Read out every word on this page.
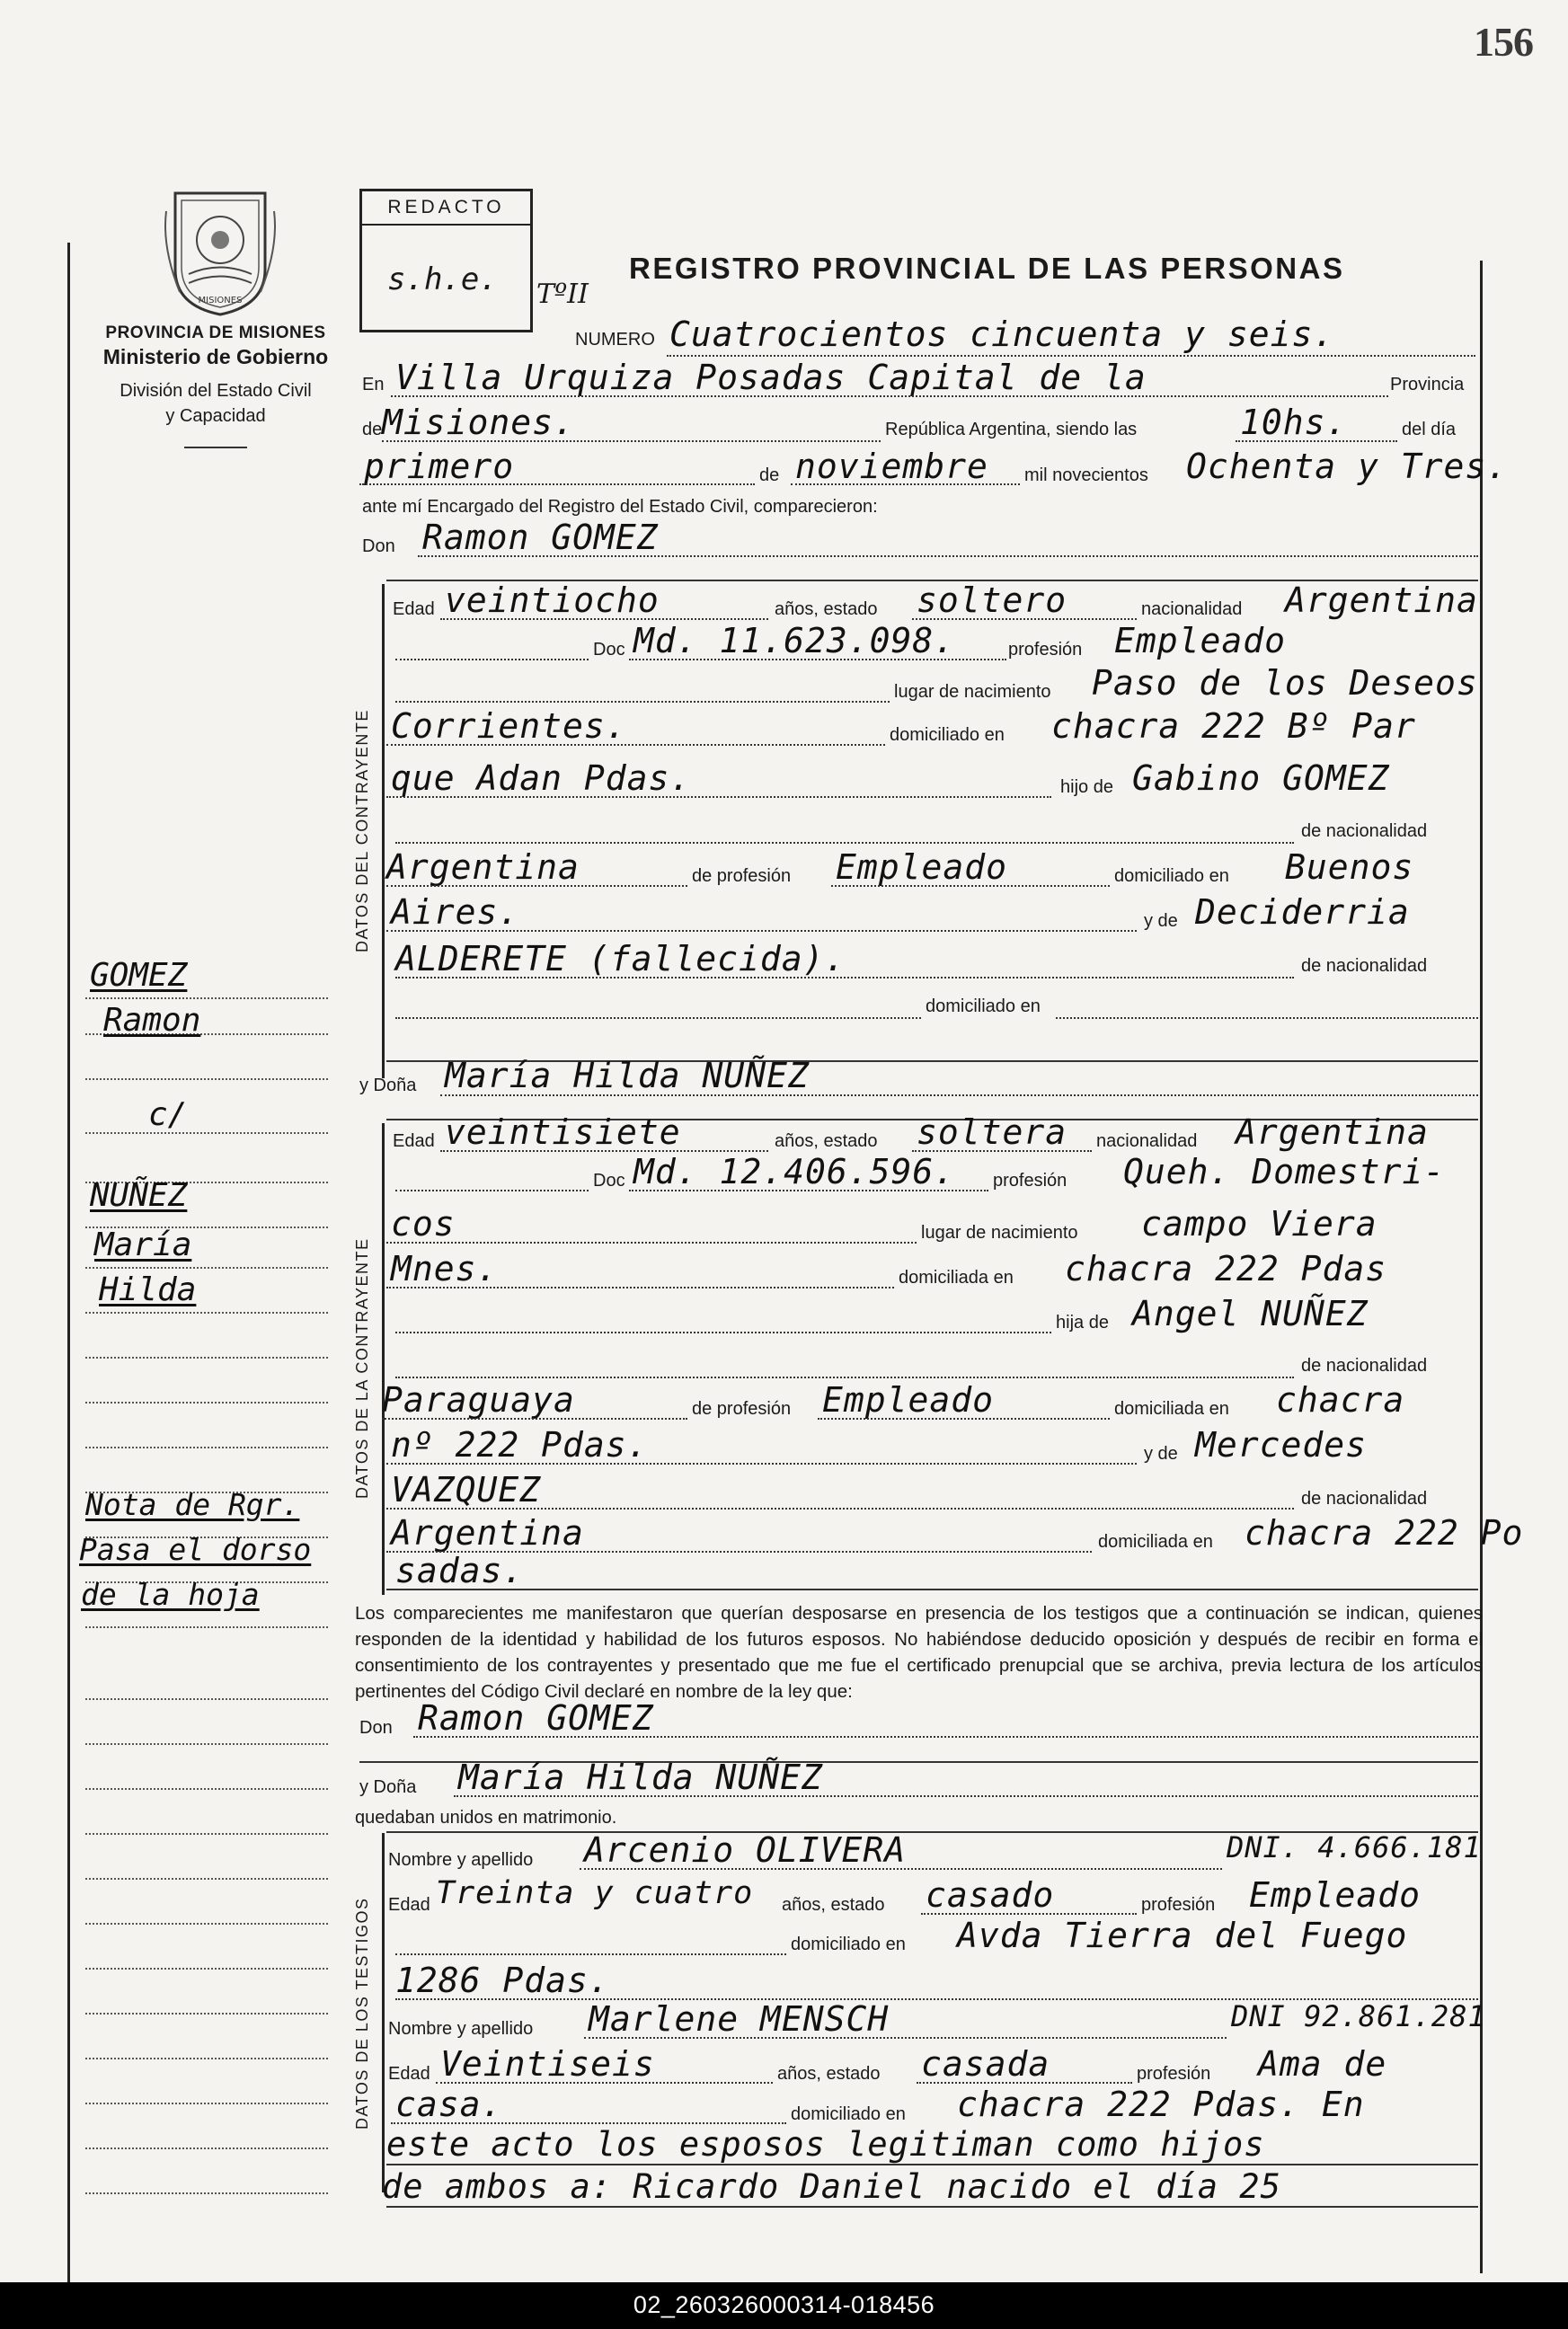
156
MISIONES
PROVINCIA DE MISIONES
Ministerio de Gobierno
División del Estado Civil
y Capacidad
GOMEZ
Ramon
c/
NUÑEZ
María
Hilda
Nota de Rgr.
Pasa el dorso
de la hoja
REDACTO
s.h.e. TºII
REGISTRO PROVINCIAL DE LAS PERSONAS
NUMERO Cuatrocientos cincuenta y seis.
En Villa Urquiza Posadas Capital de la	Provincia
de Misiones.	República Argentina, siendo las	10hs.	del día
primero	de noviembre mil novecientos Ochenta y Tres.
ante mí Encargado del Registro del Estado Civil, comparecieron:
Don Ramon GOMEZ
DATOS DEL CONTRAYENTE
Edad veintiocho	años, estado soltero	nacionalidad Argentina
Doc Md. 11.623.098.	profesión Empleado
lugar de nacimiento Paso de los Deseos
Corrientes.	domiciliado en chacra 222 Bº Par
que Adan Pdas.	hijo de Gabino GOMEZ
de nacionalidad
Argentina	de profesión Empleado	domiciliado en Buenos
Aires.	y de Deciderria
ALDERETE (fallecida).	de nacionalidad
domiciliado en
y Doña María Hilda NUÑEZ
DATOS DE LA CONTRAYENTE
Edad veintisiete	años, estado soltera nacionalidad Argentina
Doc Md. 12.406.596. profesión Queh. Domestri-
cos	lugar de nacimiento campo Viera
Mnes.	domiciliada en chacra 222 Pdas
hija de Angel NUÑEZ
de nacionalidad
Paraguaya	de profesión Empleado	domiciliada en chacra
nº 222 Pdas.	y de Mercedes
VAZQUEZ	de nacionalidad
Argentina	domiciliada en chacra 222 Po
sadas.
Los comparecientes me manifestaron que querían desposarse en presencia de los testigos que a continuación se indican, quienes responden de la identidad y habilidad de los futuros esposos. No habiéndose deducido oposición y después de recibir en forma el consentimiento de los contrayentes y presentado que me fue el certificado prenupcial que se archiva, previa lectura de los artículos pertinentes del Código Civil declaré en nombre de la ley que:
Don Ramon GOMEZ
y Doña María Hilda NUÑEZ
quedaban unidos en matrimonio.
DATOS DE LOS TESTIGOS
Nombre y apellido Arcenio OLIVERA	DNI. 4.666.181
Edad Treinta y cuatro años, estado casado	profesión Empleado
domiciliado en Avda Tierra del Fuego
1286 Pdas.
Nombre y apellido Marlene MENSCH	DNI 92.861.281
Edad Veintiseis	años, estado casada	profesión Ama de
casa.	domiciliado en chacra 222 Pdas. En
este acto los esposos legitiman como hijos
de ambos a: Ricardo Daniel nacido el día 25
02_260326000314-018456
